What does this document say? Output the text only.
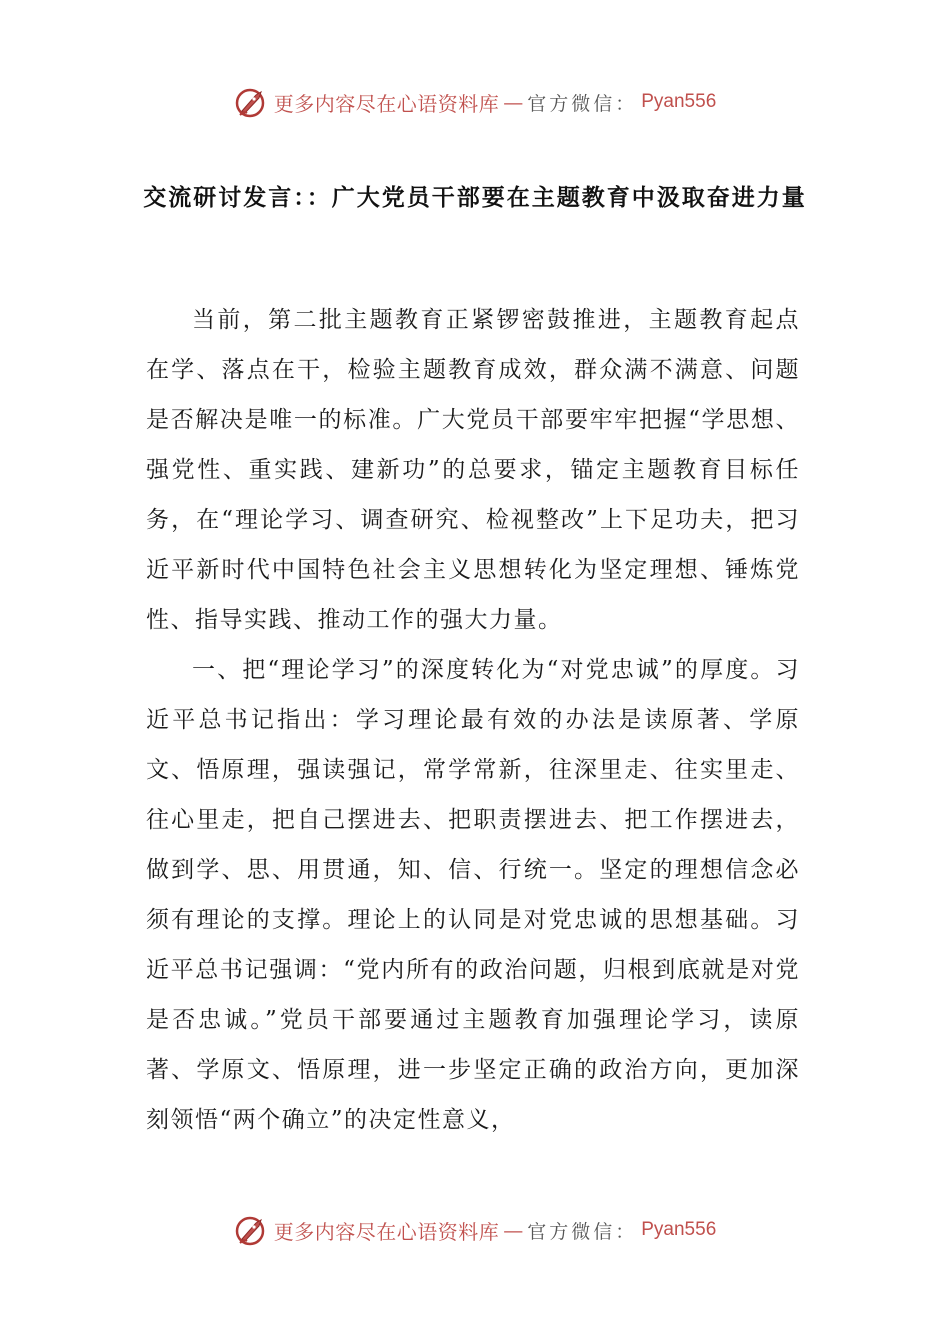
更多内容尽在心语资料库 — 官方微信： Pyan556
交流研讨发言：：广大党员干部要在主题教育中汲取奋进力量

当前，第二批主题教育正紧锣密鼓推进，主题教育起点在学、落点在干，检验主题教育成效，群众满不满意、问题是否解决是唯一的标准。广大党员干部要牢牢把握“学思想、强党性、重实践、建新功”的总要求，锚定主题教育目标任务，在“理论学习、调查研究、检视整改”上下足功夫，把习近平新时代中国特色社会主义思想转化为坚定理想、锤炼党性、指导实践、推动工作的强大力量。

一、把“理论学习”的深度转化为“对党忠诚”的厚度。习近平总书记指出：学习理论最有效的办法是读原著、学原文、悟原理，强读强记，常学常新，往深里走、往实里走、往心里走，把自己摆进去、把职责摆进去、把工作摆进去，做到学、思、用贯通，知、信、行统一。坚定的理想信念必须有理论的支撑。理论上的认同是对党忠诚的思想基础。习近平总书记强调：“党内所有的政治问题，归根到底就是对党是否忠诚。”党员干部要通过主题教育加强理论学习，读原著、学原文、悟原理，进一步坚定正确的政治方向，更加深刻领悟“两个确立”的决定性意义，

更多内容尽在心语资料库 — 官方微信： Pyan556
